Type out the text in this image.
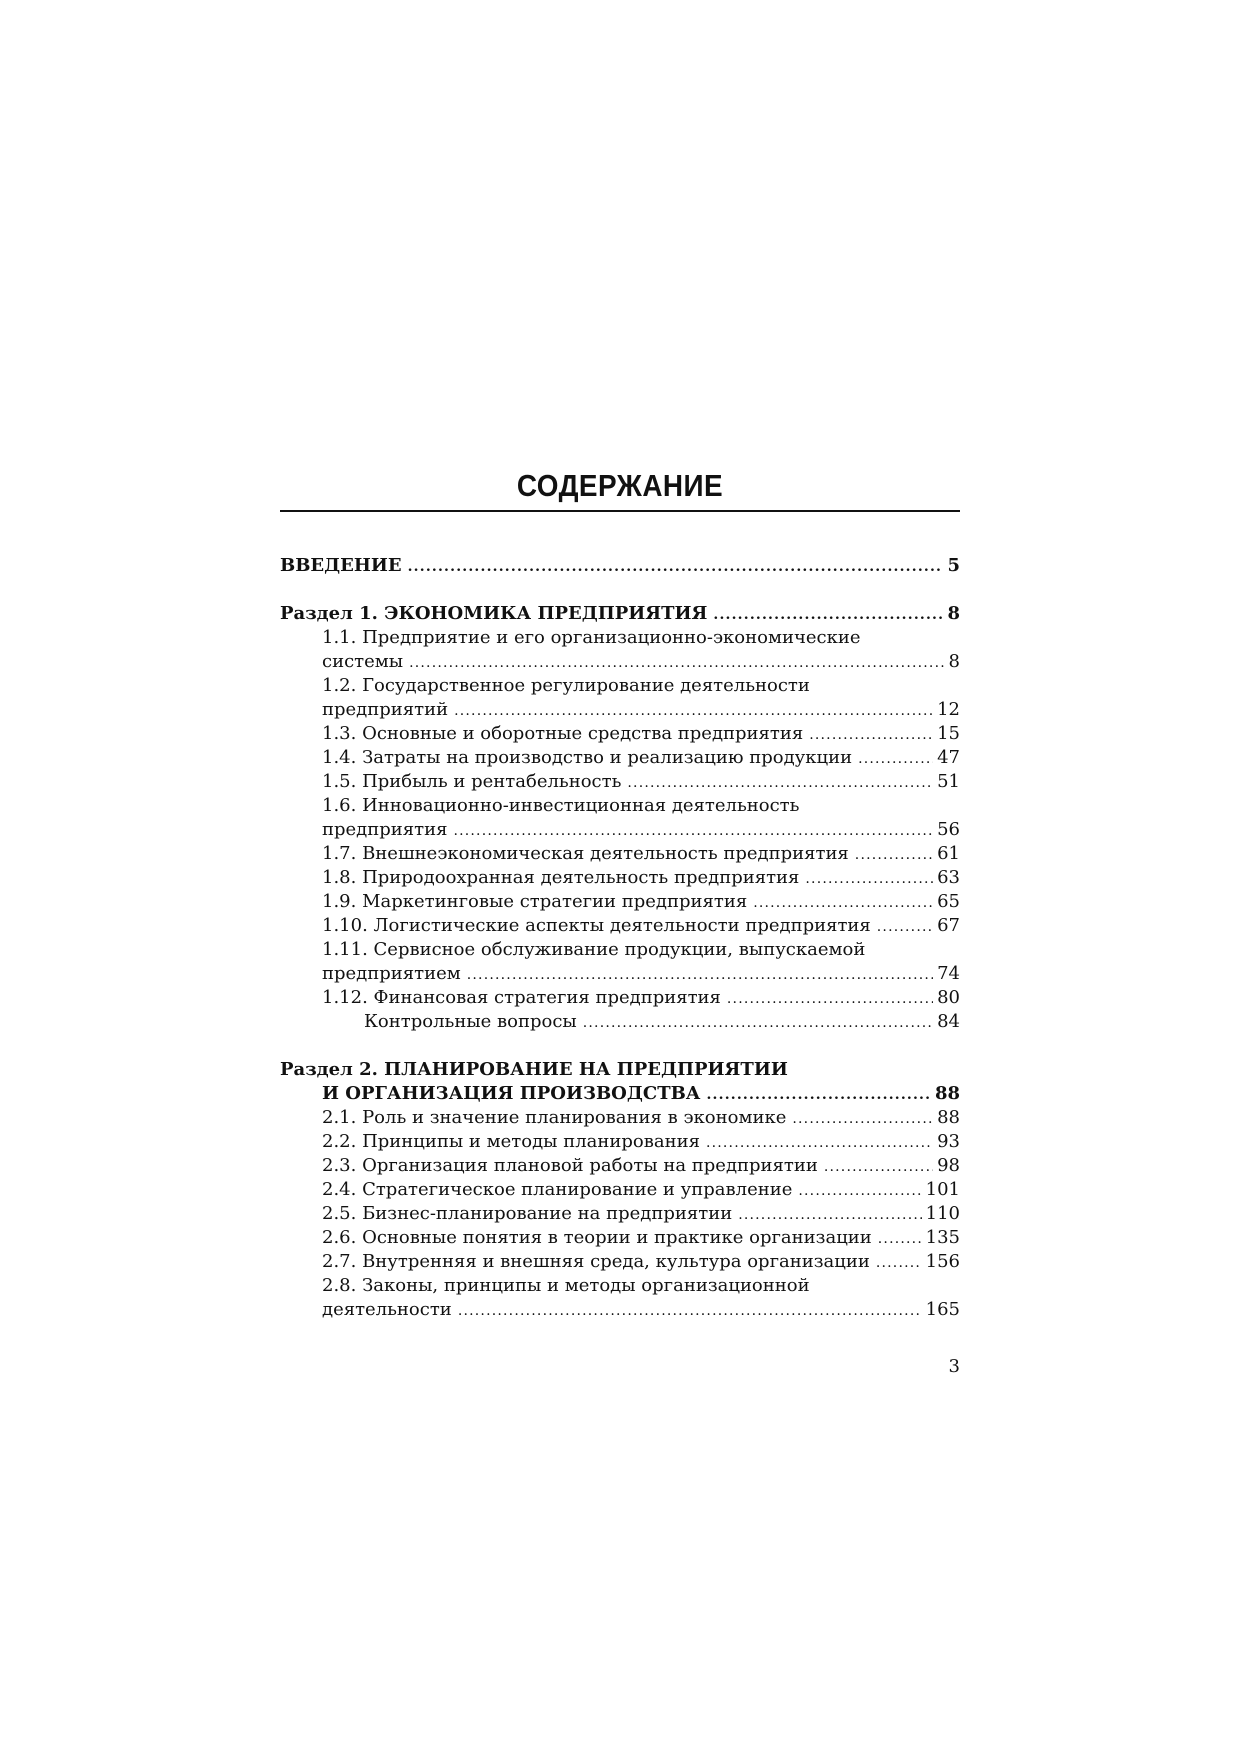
СОДЕРЖАНИЕ
ВВЕДЕНИЕ .....	5
Раздел 1. ЭКОНОМИКА ПРЕДПРИЯТИЯ .....	8
1.1. Предприятие и его организационно-экономические
системы .....	8
1.2. Государственное регулирование деятельности
предприятий .....	12
1.3. Основные и оборотные средства предприятия .....	15
1.4. Затраты на производство и реализацию продукции .....	47
1.5. Прибыль и рентабельность .....	51
1.6. Инновационно-инвестиционная деятельность
предприятия .....	56
1.7. Внешнеэкономическая деятельность предприятия .....	61
1.8. Природоохранная деятельность предприятия .....	63
1.9. Маркетинговые стратегии предприятия .....	65
1.10. Логистические аспекты деятельности предприятия .....	67
1.11. Сервисное обслуживание продукции, выпускаемой
предприятием .....	74
1.12. Финансовая стратегия предприятия .....	80
Контрольные вопросы .....	84
Раздел 2. ПЛАНИРОВАНИЕ НА ПРЕДПРИЯТИИ
И ОРГАНИЗАЦИЯ ПРОИЗВОДСТВА .....	88
2.1. Роль и значение планирования в экономике .....	88
2.2. Принципы и методы планирования .....	93
2.3. Организация плановой работы на предприятии .....	98
2.4. Стратегическое планирование и управление .....	101
2.5. Бизнес-планирование на предприятии .....	110
2.6. Основные понятия в теории и практике организации .....	135
2.7. Внутренняя и внешняя среда, культура организации .....	156
2.8. Законы, принципы и методы организационной
деятельности .....	165
3
